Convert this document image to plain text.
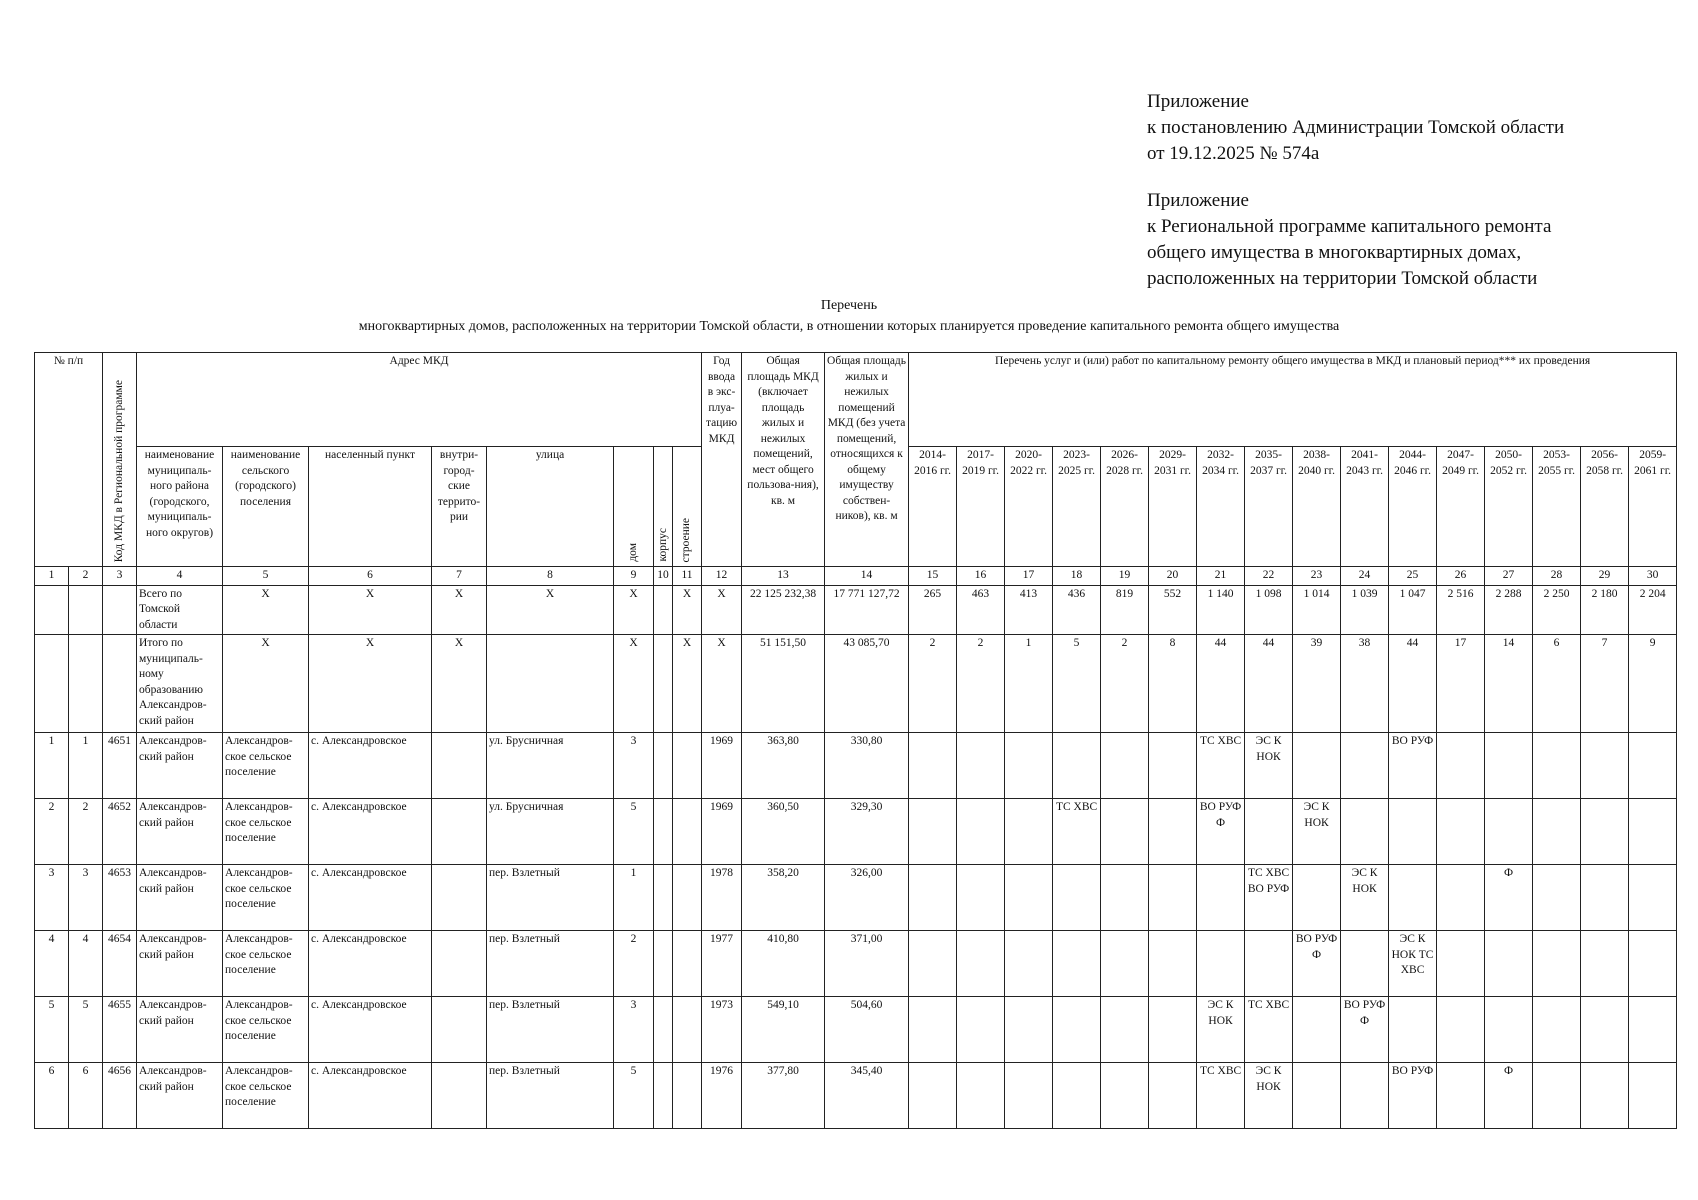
Приложение
к постановлению Администрации Томской области
от 19.12.2025 № 574а
Приложение
к Региональной программе капитального ремонта
общего имущества в многоквартирных домах,
расположенных на территории Томской области
Перечень
многоквартирных домов, расположенных на территории Томской области, в отношении которых планируется проведение капитального ремонта общего имущества
№ п/п		Код МКД в Региональной программе	Адрес МКД								Год ввода в экс-плуа-тацию МКД	Общая площадь МКД (включает площадь жилых и нежилых помещений, мест общего пользова-ния), кв. м	Общая площадь жилых и нежилых помещений МКД (без учета помещений, относящихся к общему имуществу собствен-ников), кв. м	Перечень услуг и (или) работ по капитальному ремонту общего имущества в МКД и плановый период*** их проведения															
			наименование муниципаль-ного района (городского, муниципаль-ного округов)	наименование сельского (городского) поселения	населенный пункт	внутри-город-ские террито-рии	улица	дом	корпус	строение				2014-2016 гг.	2017-2019 гг.	2020-2022 гг.	2023-2025 гг.	2026-2028 гг.	2029-2031 гг.	2032-2034 гг.	2035-2037 гг.	2038-2040 гг.	2041-2043 гг.	2044-2046 гг.	2047-2049 гг.	2050-2052 гг.	2053-2055 гг.	2056-2058 гг.	2059-2061 гг.
1	2	3	4	5	6	7	8	9	10	11	12	13	14	15	16	17	18	19	20	21	22	23	24	25	26	27	28	29	30
			Всего по Томской области	X	X	X	X	X		X	X	22 125 232,38	17 771 127,72	265	463	413	436	819	552	1 140	1 098	1 014	1 039	1 047	2 516	2 288	2 250	2 180	2 204
			Итого по муниципаль-ному образованию Александров-ский район	X	X	X		X		X	X	51 151,50	43 085,70	2	2	1	5	2	8	44	44	39	38	44	17	14	6	7	9
1	1	4651	Александров-ский район	Александров-ское сельское поселение	с. Александровское		ул. Брусничная	3			1969	363,80	330,80							ТС ХВС	ЭС К НОК			ВО РУФ					
2	2	4652	Александров-ский район	Александров-ское сельское поселение	с. Александровское		ул. Брусничная	5			1969	360,50	329,30				ТС ХВС			ВО РУФ Ф		ЭС К НОК							
3	3	4653	Александров-ский район	Александров-ское сельское поселение	с. Александровское		пер. Взлетный	1			1978	358,20	326,00								ТС ХВС ВО РУФ		ЭС К НОК			Ф			
4	4	4654	Александров-ский район	Александров-ское сельское поселение	с. Александровское		пер. Взлетный	2			1977	410,80	371,00									ВО РУФ Ф		ЭС К НОК ТС ХВС					
5	5	4655	Александров-ский район	Александров-ское сельское поселение	с. Александровское		пер. Взлетный	3			1973	549,10	504,60							ЭС К НОК	ТС ХВС		ВО РУФ Ф						
6	6	4656	Александров-ский район	Александров-ское сельское поселение	с. Александровское		пер. Взлетный	5			1976	377,80	345,40							ТС ХВС	ЭС К НОК			ВО РУФ		Ф			
